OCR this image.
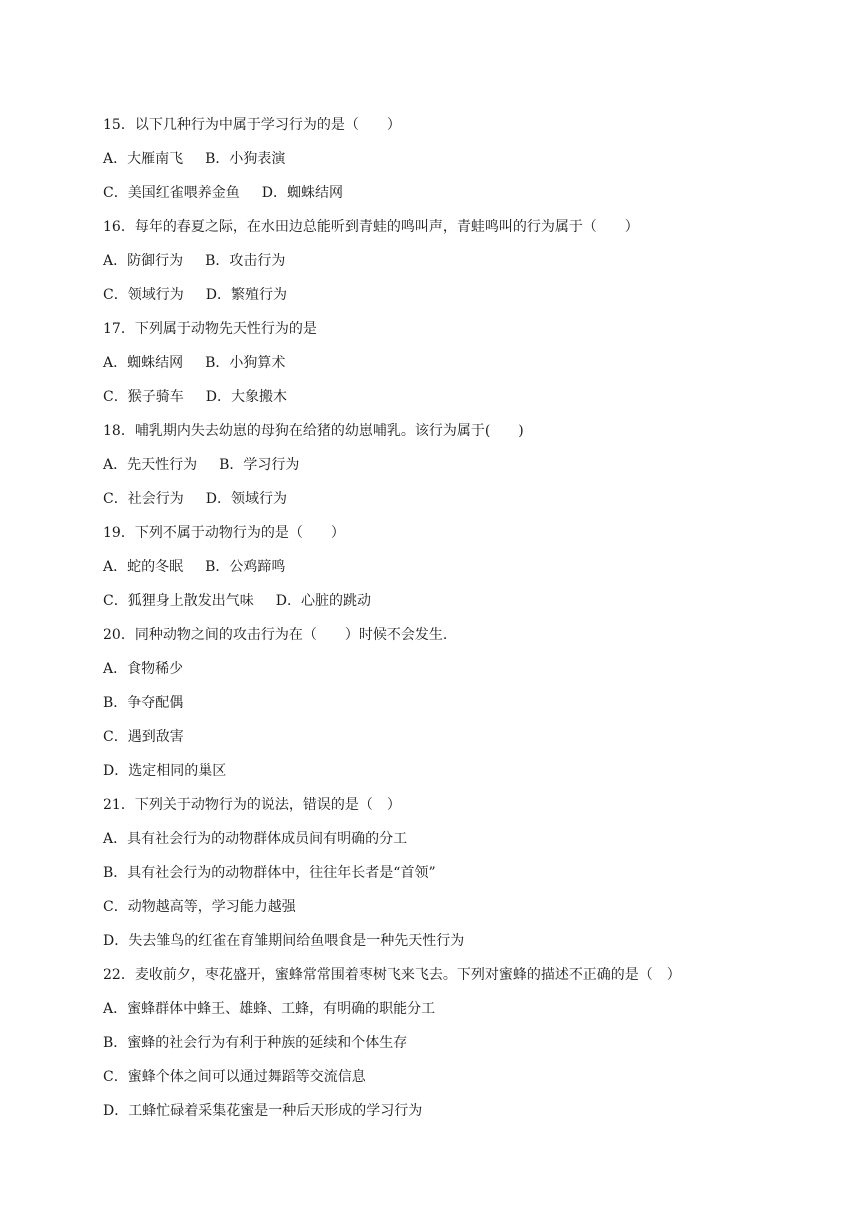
15．以下几种行为中属于学习行为的是（　　）
A．大雁南飞 B．小狗表演
C．美国红雀喂养金鱼 D．蜘蛛结网
16．每年的春夏之际，在水田边总能听到青蛙的鸣叫声，青蛙鸣叫的行为属于（　　）
A．防御行为 B．攻击行为
C．领域行为 D．繁殖行为
17．下列属于动物先天性行为的是
A．蜘蛛结网 B．小狗算术
C．猴子骑车 D．大象搬木
18．哺乳期内失去幼崽的母狗在给猪的幼崽哺乳。该行为属于(　　)
A．先天性行为 B．学习行为
C．社会行为 D．领域行为
19．下列不属于动物行为的是（　　）
A．蛇的冬眠 B．公鸡蹄鸣
C．狐狸身上散发出气味 D．心脏的跳动
20．同种动物之间的攻击行为在（　　）时候不会发生.
A．食物稀少
B．争夺配偶
C．遇到敌害
D．选定相同的巢区
21．下列关于动物行为的说法，错误的是（　）
A．具有社会行为的动物群体成员间有明确的分工
B．具有社会行为的动物群体中，往往年长者是“首领”
C．动物越高等，学习能力越强
D．失去雏鸟的红雀在育雏期间给鱼喂食是一种先天性行为
22．麦收前夕，枣花盛开，蜜蜂常常围着枣树飞来飞去。下列对蜜蜂的描述不正确的是（　）
A．蜜蜂群体中蜂王、雄蜂、工蜂，有明确的职能分工
B．蜜蜂的社会行为有利于种族的延续和个体生存
C．蜜蜂个体之间可以通过舞蹈等交流信息
D．工蜂忙碌着采集花蜜是一种后天形成的学习行为
